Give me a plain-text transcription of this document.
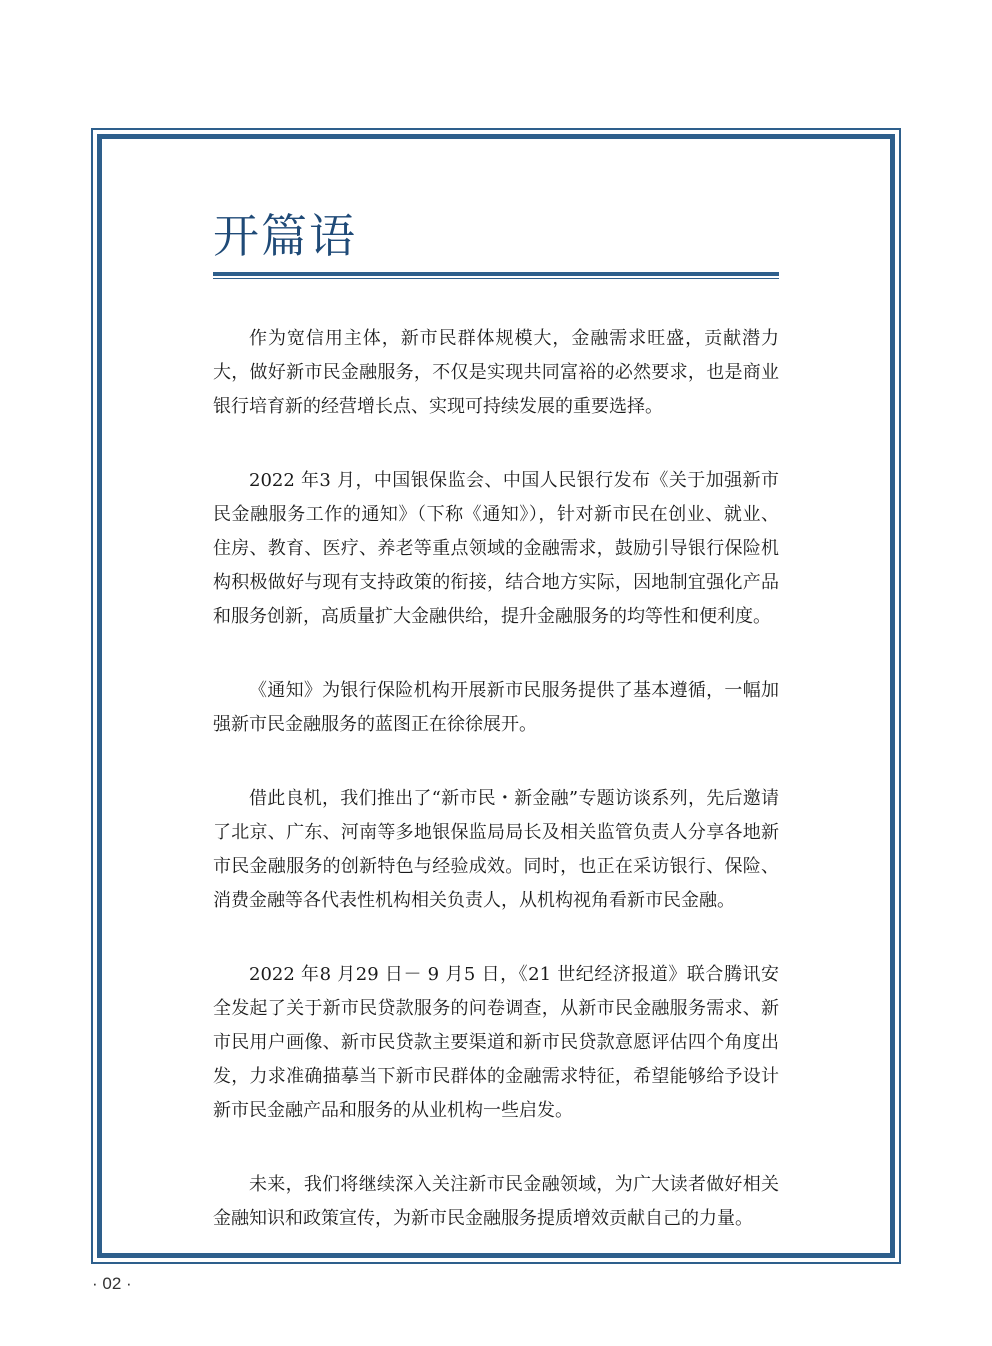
开篇语

作为宽信用主体，新市民群体规模大，金融需求旺盛，贡献潜力大，做好新市民金融服务，不仅是实现共同富裕的必然要求，也是商业银行培育新的经营增长点、实现可持续发展的重要选择。

2022 年3 月，中国银保监会、中国人民银行发布《关于加强新市民金融服务工作的通知》（下称《通知》），针对新市民在创业、就业、住房、教育、医疗、养老等重点领域的金融需求，鼓励引导银行保险机构积极做好与现有支持政策的衔接，结合地方实际，因地制宜强化产品和服务创新，高质量扩大金融供给，提升金融服务的均等性和便利度。

《通知》为银行保险机构开展新市民服务提供了基本遵循，一幅加强新市民金融服务的蓝图正在徐徐展开。

借此良机，我们推出了“新市民・新金融”专题访谈系列，先后邀请了北京、广东、河南等多地银保监局局长及相关监管负责人分享各地新市民金融服务的创新特色与经验成效。同时，也正在采访银行、保险、消费金融等各代表性机构相关负责人，从机构视角看新市民金融。

2022 年8 月29 日－ 9 月5 日，《21 世纪经济报道》联合腾讯安全发起了关于新市民贷款服务的问卷调查，从新市民金融服务需求、新市民用户画像、新市民贷款主要渠道和新市民贷款意愿评估四个角度出发，力求准确描摹当下新市民群体的金融需求特征，希望能够给予设计新市民金融产品和服务的从业机构一些启发。

未来，我们将继续深入关注新市民金融领域，为广大读者做好相关金融知识和政策宣传，为新市民金融服务提质增效贡献自己的力量。

· 02 ·
